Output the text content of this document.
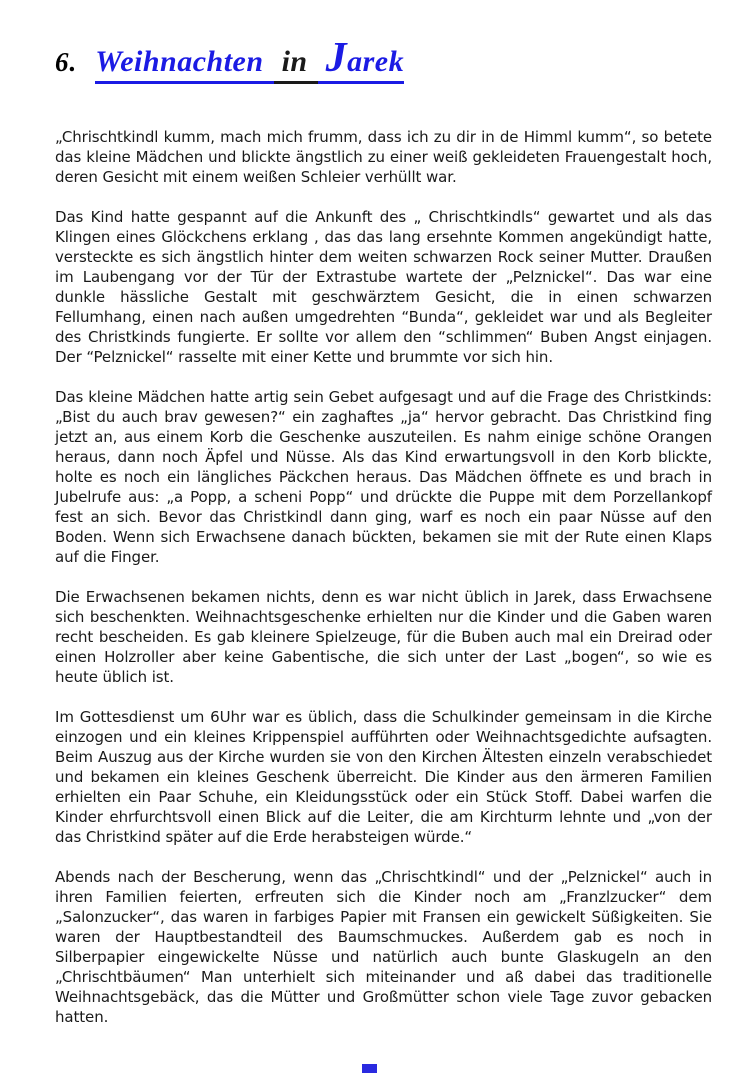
6. Weihnachten in Jarek

„Chrischtkindl kumm, mach mich frumm, dass ich zu dir in de Himml kumm“, so betete das kleine Mädchen und blickte ängstlich zu einer weiß gekleideten Frauengestalt hoch, deren Gesicht mit einem weißen Schleier verhüllt war.

Das Kind hatte gespannt auf die Ankunft des „ Chrischtkindls“ gewartet und als das Klingen eines Glöckchens erklang , das das lang ersehnte Kommen angekündigt hatte, versteckte es sich ängstlich hinter dem weiten schwarzen Rock seiner Mutter. Draußen im Laubengang vor der Tür der Extrastube wartete der „Pelznickel“. Das war eine dunkle hässliche Gestalt mit geschwärztem Gesicht, die in einen schwarzen Fellumhang, einen nach außen umgedrehten “Bunda“, gekleidet war und als Begleiter des Christkinds fungierte. Er sollte vor allem den “schlimmen“ Buben Angst einjagen. Der “Pelznickel“ rasselte mit einer Kette und brummte vor sich hin.

Das kleine Mädchen hatte artig sein Gebet aufgesagt und auf die Frage des Christkinds: „Bist du auch brav gewesen?“ ein zaghaftes „ja“ hervor gebracht. Das Christkind fing jetzt an, aus einem Korb die Geschenke auszuteilen. Es nahm einige schöne Orangen heraus, dann noch Äpfel und Nüsse. Als das Kind erwartungsvoll in den Korb blickte, holte es noch ein längliches Päckchen heraus. Das Mädchen öffnete es und brach in Jubelrufe aus: „a Popp, a scheni Popp“ und drückte die Puppe mit dem Porzellankopf fest an sich. Bevor das Christkindl dann ging, warf es noch ein paar Nüsse auf den Boden. Wenn sich Erwachsene danach bückten, bekamen sie mit der Rute einen Klaps auf die Finger.

Die Erwachsenen bekamen nichts, denn es war nicht üblich in Jarek, dass Erwachsene sich beschenkten. Weihnachtsgeschenke erhielten nur die Kinder und die Gaben waren recht bescheiden. Es gab kleinere Spielzeuge, für die Buben auch mal ein Dreirad oder einen Holzroller aber keine Gabentische, die sich unter der Last „bogen“, so wie es heute üblich ist.

Im Gottesdienst um 6Uhr war es üblich, dass die Schulkinder gemeinsam in die Kirche einzogen und ein kleines Krippenspiel aufführten oder Weihnachtsgedichte aufsagten. Beim Auszug aus der Kirche wurden sie von den Kirchen Ältesten einzeln verabschiedet und bekamen ein kleines Geschenk überreicht. Die Kinder aus den ärmeren Familien erhielten ein Paar Schuhe, ein Kleidungsstück oder ein Stück Stoff. Dabei warfen die Kinder ehrfurchtsvoll einen Blick auf die Leiter, die am Kirchturm lehnte und „von der das Christkind später auf die Erde herabsteigen würde.“

Abends nach der Bescherung, wenn das „Chrischtkindl“ und der „Pelznickel“ auch in ihren Familien feierten, erfreuten sich die Kinder noch am „Franzlzucker“ dem „Salonzucker“, das waren in farbiges Papier mit Fransen ein gewickelt Süßigkeiten. Sie waren der Hauptbestandteil des Baumschmuckes. Außerdem gab es noch in Silberpapier eingewickelte Nüsse und natürlich auch bunte Glaskugeln an den „Chrischtbäumen“ Man unterhielt sich miteinander und aß dabei das traditionelle Weihnachtsgebäck, das die Mütter und Großmütter schon viele Tage zuvor gebacken hatten.
